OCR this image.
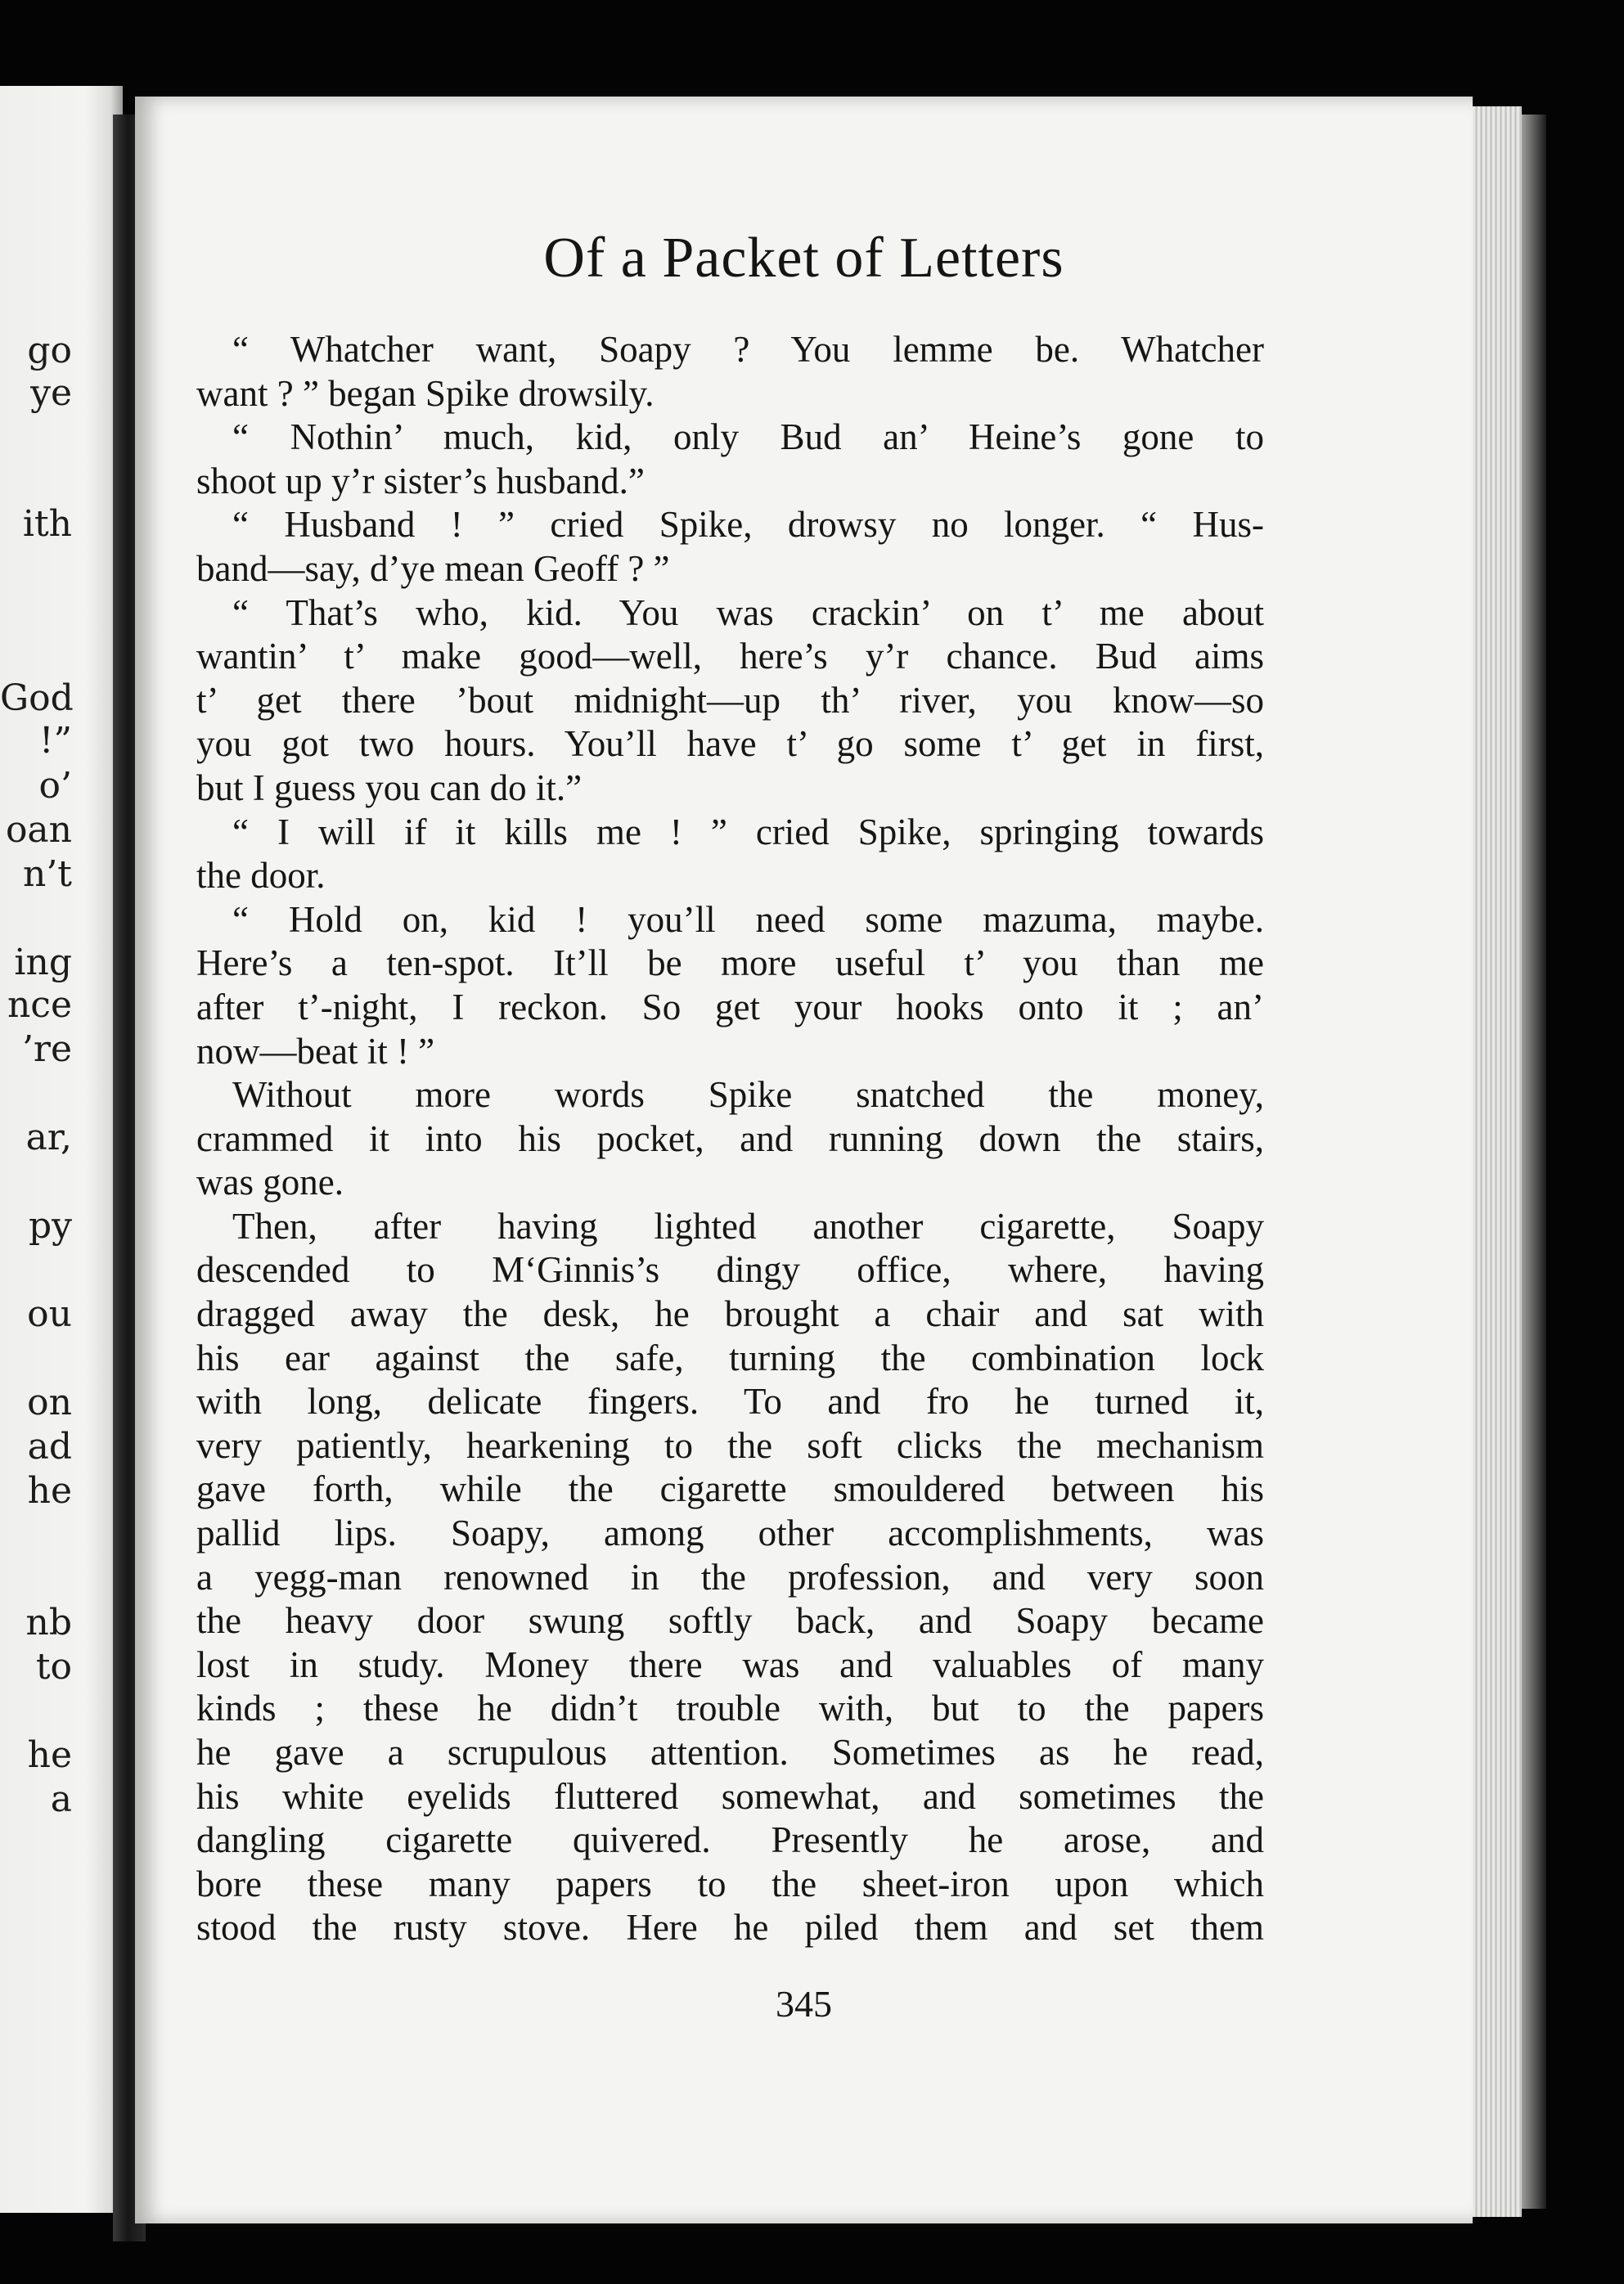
go
ye
ith
God
!”
o’
oan
n’t
ing
nce
’re
ar,
py
ou
on
ad
he
nb
to
he
a
Of a Packet of Letters
“ Whatcher want, Soapy ? You lemme be. Whatcher
want ? ” began Spike drowsily.
“ Nothin’ much, kid, only Bud an’ Heine’s gone to
shoot up y’r sister’s husband.”
“ Husband ! ” cried Spike, drowsy no longer. “ Hus-
band—say, d’ye mean Geoff ? ”
“ That’s who, kid. You was crackin’ on t’ me about
wantin’ t’ make good—well, here’s y’r chance. Bud aims
t’ get there ’bout midnight—up th’ river, you know—so
you got two hours. You’ll have t’ go some t’ get in first,
but I guess you can do it.”
“ I will if it kills me ! ” cried Spike, springing towards
the door.
“ Hold on, kid ! you’ll need some mazuma, maybe.
Here’s a ten-spot. It’ll be more useful t’ you than me
after t’-night, I reckon. So get your hooks onto it ; an’
now—beat it ! ”
Without more words Spike snatched the money,
crammed it into his pocket, and running down the stairs,
was gone.
Then, after having lighted another cigarette, Soapy
descended to M‘Ginnis’s dingy office, where, having
dragged away the desk, he brought a chair and sat with
his ear against the safe, turning the combination lock
with long, delicate fingers. To and fro he turned it,
very patiently, hearkening to the soft clicks the mechanism
gave forth, while the cigarette smouldered between his
pallid lips. Soapy, among other accomplishments, was
a yegg-man renowned in the profession, and very soon
the heavy door swung softly back, and Soapy became
lost in study. Money there was and valuables of many
kinds ; these he didn’t trouble with, but to the papers
he gave a scrupulous attention. Sometimes as he read,
his white eyelids fluttered somewhat, and sometimes the
dangling cigarette quivered. Presently he arose, and
bore these many papers to the sheet-iron upon which
stood the rusty stove. Here he piled them and set them
345
